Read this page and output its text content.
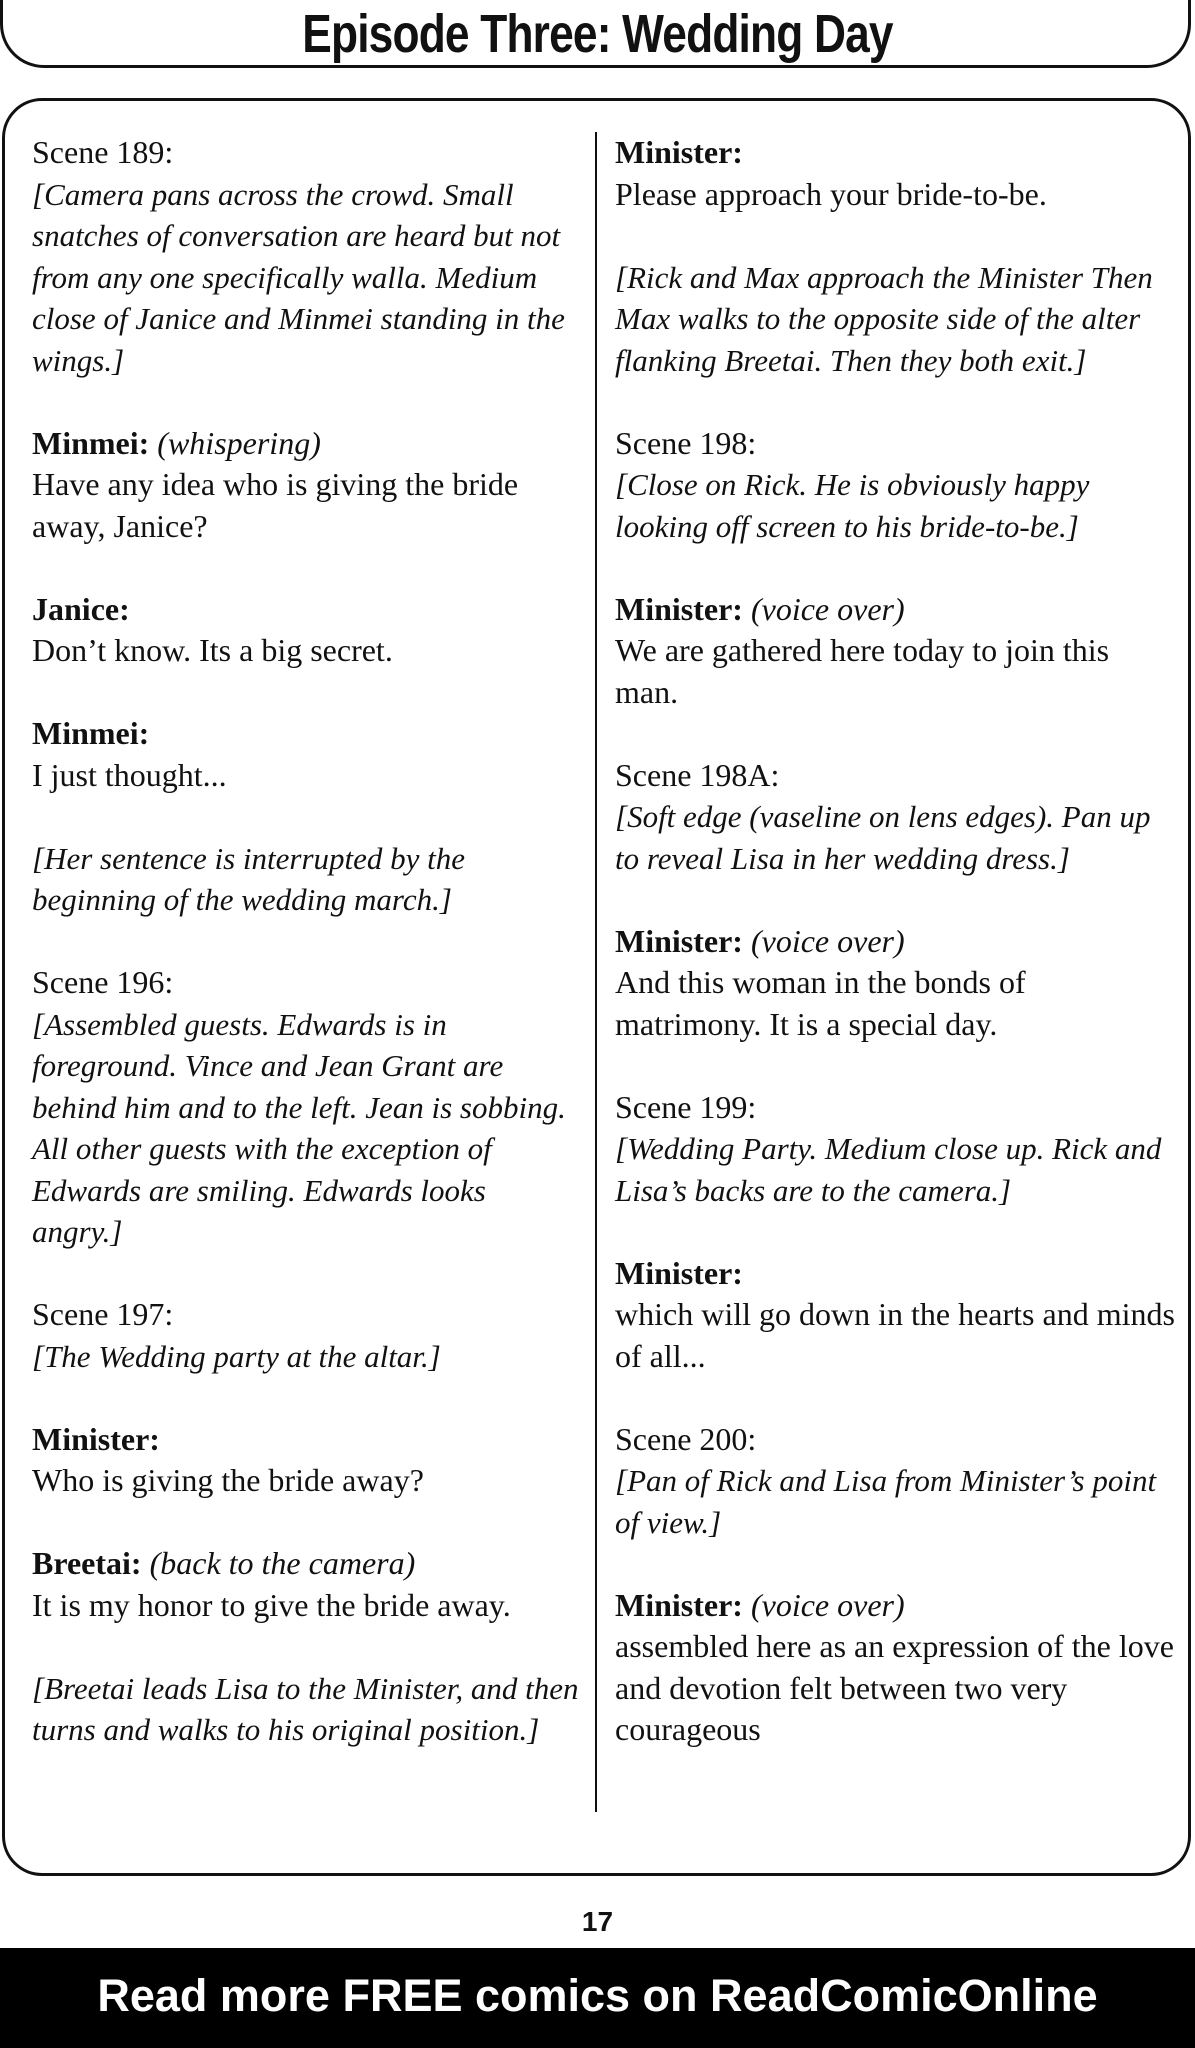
Episode Three: Wedding Day

Scene 189:

[Camera pans across the crowd. Small snatches of conversation are heard but not from any one specifically walla. Medium close of Janice and Minmei standing in the wings.]

Minmei: (whispering)

Have any idea who is giving the bride away, Janice?

Janice:

Don’t know. Its a big secret.

Minmei:

I just thought...

[Her sentence is interrupted by the beginning of the wedding march.]

Scene 196:

[Assembled guests. Edwards is in foreground. Vince and Jean Grant are behind him and to the left. Jean is sobbing. All other guests with the exception of Edwards are smiling. Edwards looks angry.]

Scene 197:

[The Wedding party at the altar.]

Minister:

Who is giving the bride away?

Breetai: (back to the camera)

It is my honor to give the bride away.

[Breetai leads Lisa to the Minister, and then turns and walks to his original position.]

Minister:

Please approach your bride-to-be.

[Rick and Max approach the Minister Then Max walks to the opposite side of the alter flanking Breetai. Then they both exit.]

Scene 198:

[Close on Rick. He is obviously happy looking off screen to his bride-to-be.]

Minister: (voice over)

We are gathered here today to join this man.

Scene 198A:

[Soft edge (vaseline on lens edges). Pan up to reveal Lisa in her wedding dress.]

Minister: (voice over)

And this woman in the bonds of matrimony. It is a special day.

Scene 199:

[Wedding Party. Medium close up. Rick and Lisa’s backs are to the camera.]

Minister:

which will go down in the hearts and minds of all...

Scene 200:

[Pan of Rick and Lisa from Minister’s point of view.]

Minister: (voice over)

assembled here as an expression of the love and devotion felt between two very courageous

17
Read more FREE comics on ReadComicOnline
